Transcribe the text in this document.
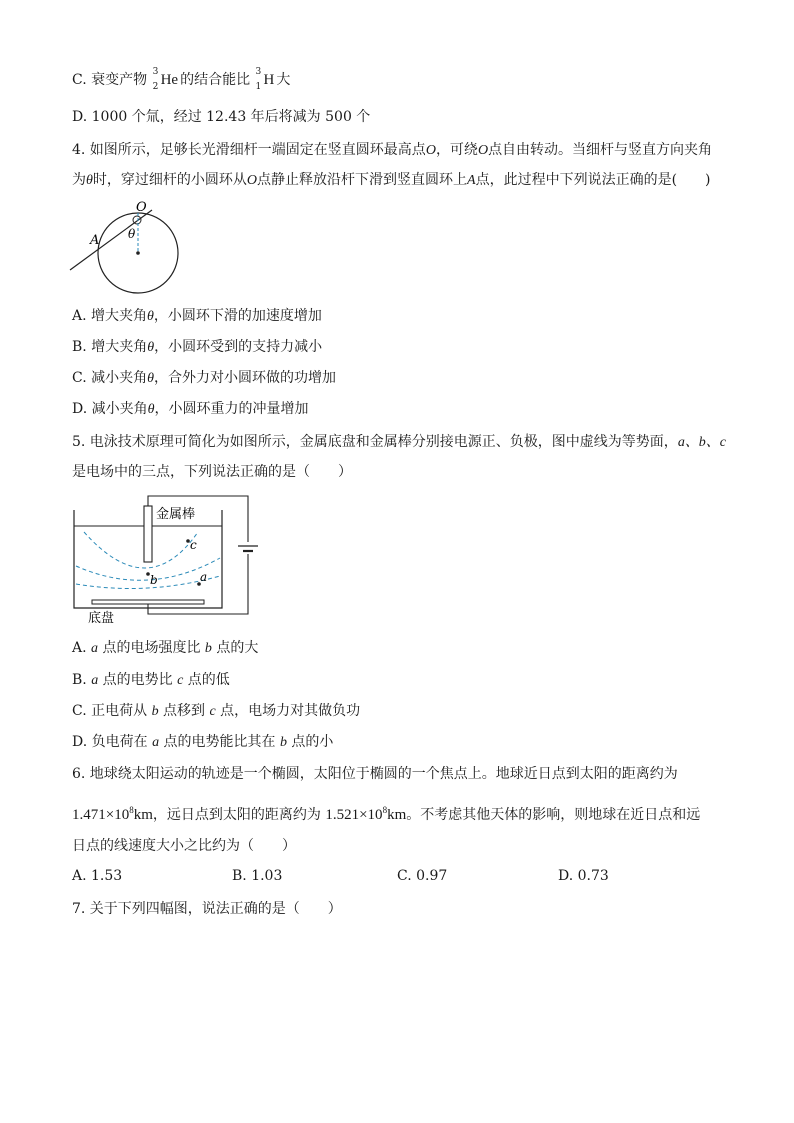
C. 衰变产物 3
2 He 的结合能比 3
1 H 大
D. 1000 个氚，经过 12.43 年后将减为 500 个
4. 如图所示，足够长光滑细杆一端固定在竖直圆环最高点O，可绕O点自由转动。当细杆与竖直方向夹角
为θ时，穿过细杆的小圆环从O点静止释放沿杆下滑到竖直圆环上A点，此过程中下列说法正确的是(　　)
O
A θ
A. 增大夹角θ，小圆环下滑的加速度增加
B. 增大夹角θ，小圆环受到的支持力减小
C. 减小夹角θ，合外力对小圆环做的功增加
D. 减小夹角θ，小圆环重力的冲量增加
5. 电泳技术原理可简化为如图所示，金属底盘和金属棒分别接电源正、负极，图中虚线为等势面，a、b、c
是电场中的三点，下列说法正确的是（　　）
金属棒
底盘
c
b	a
A. a 点的电场强度比 b 点的大
B. a 点的电势比 c 点的低
C. 正电荷从 b 点移到 c 点，电场力对其做负功
D. 负电荷在 a 点的电势能比其在 b 点的小
6. 地球绕太阳运动的轨迹是一个椭圆，太阳位于椭圆的一个焦点上。地球近日点到太阳的距离约为
$1.471\times 10^8km$，远日点到太阳的距离约为 $1.521\times 10^8km$。不考虑其他天体的影响，则地球在近日点和远
日点的线速度大小之比约为（　　）
A. 1.53	B. 1.03	C. 0.97	D. 0.73
7. 关于下列四幅图，说法正确的是（　　）
